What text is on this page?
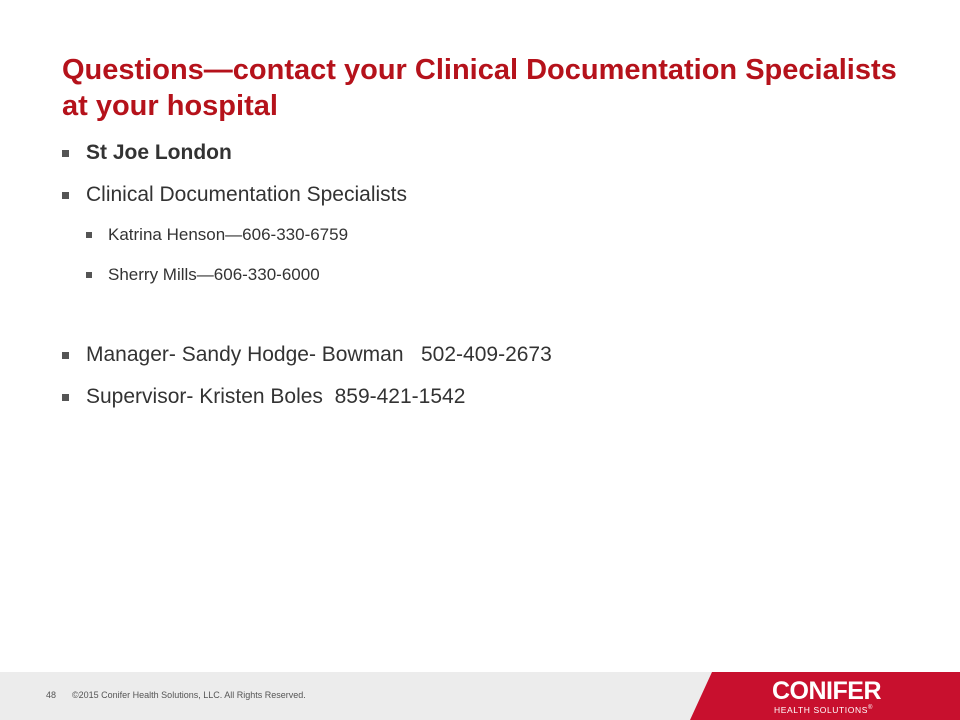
Questions—contact your Clinical Documentation Specialists at your hospital
St Joe London
Clinical Documentation Specialists
Katrina Henson—606-330-6759
Sherry Mills—606-330-6000
Manager- Sandy Hodge- Bowman   502-409-2673
Supervisor- Kristen Boles  859-421-1542
48 ©2015 Conifer Health Solutions, LLC. All Rights Reserved.	CONIFER
HEALTH SOLUTIONS®
